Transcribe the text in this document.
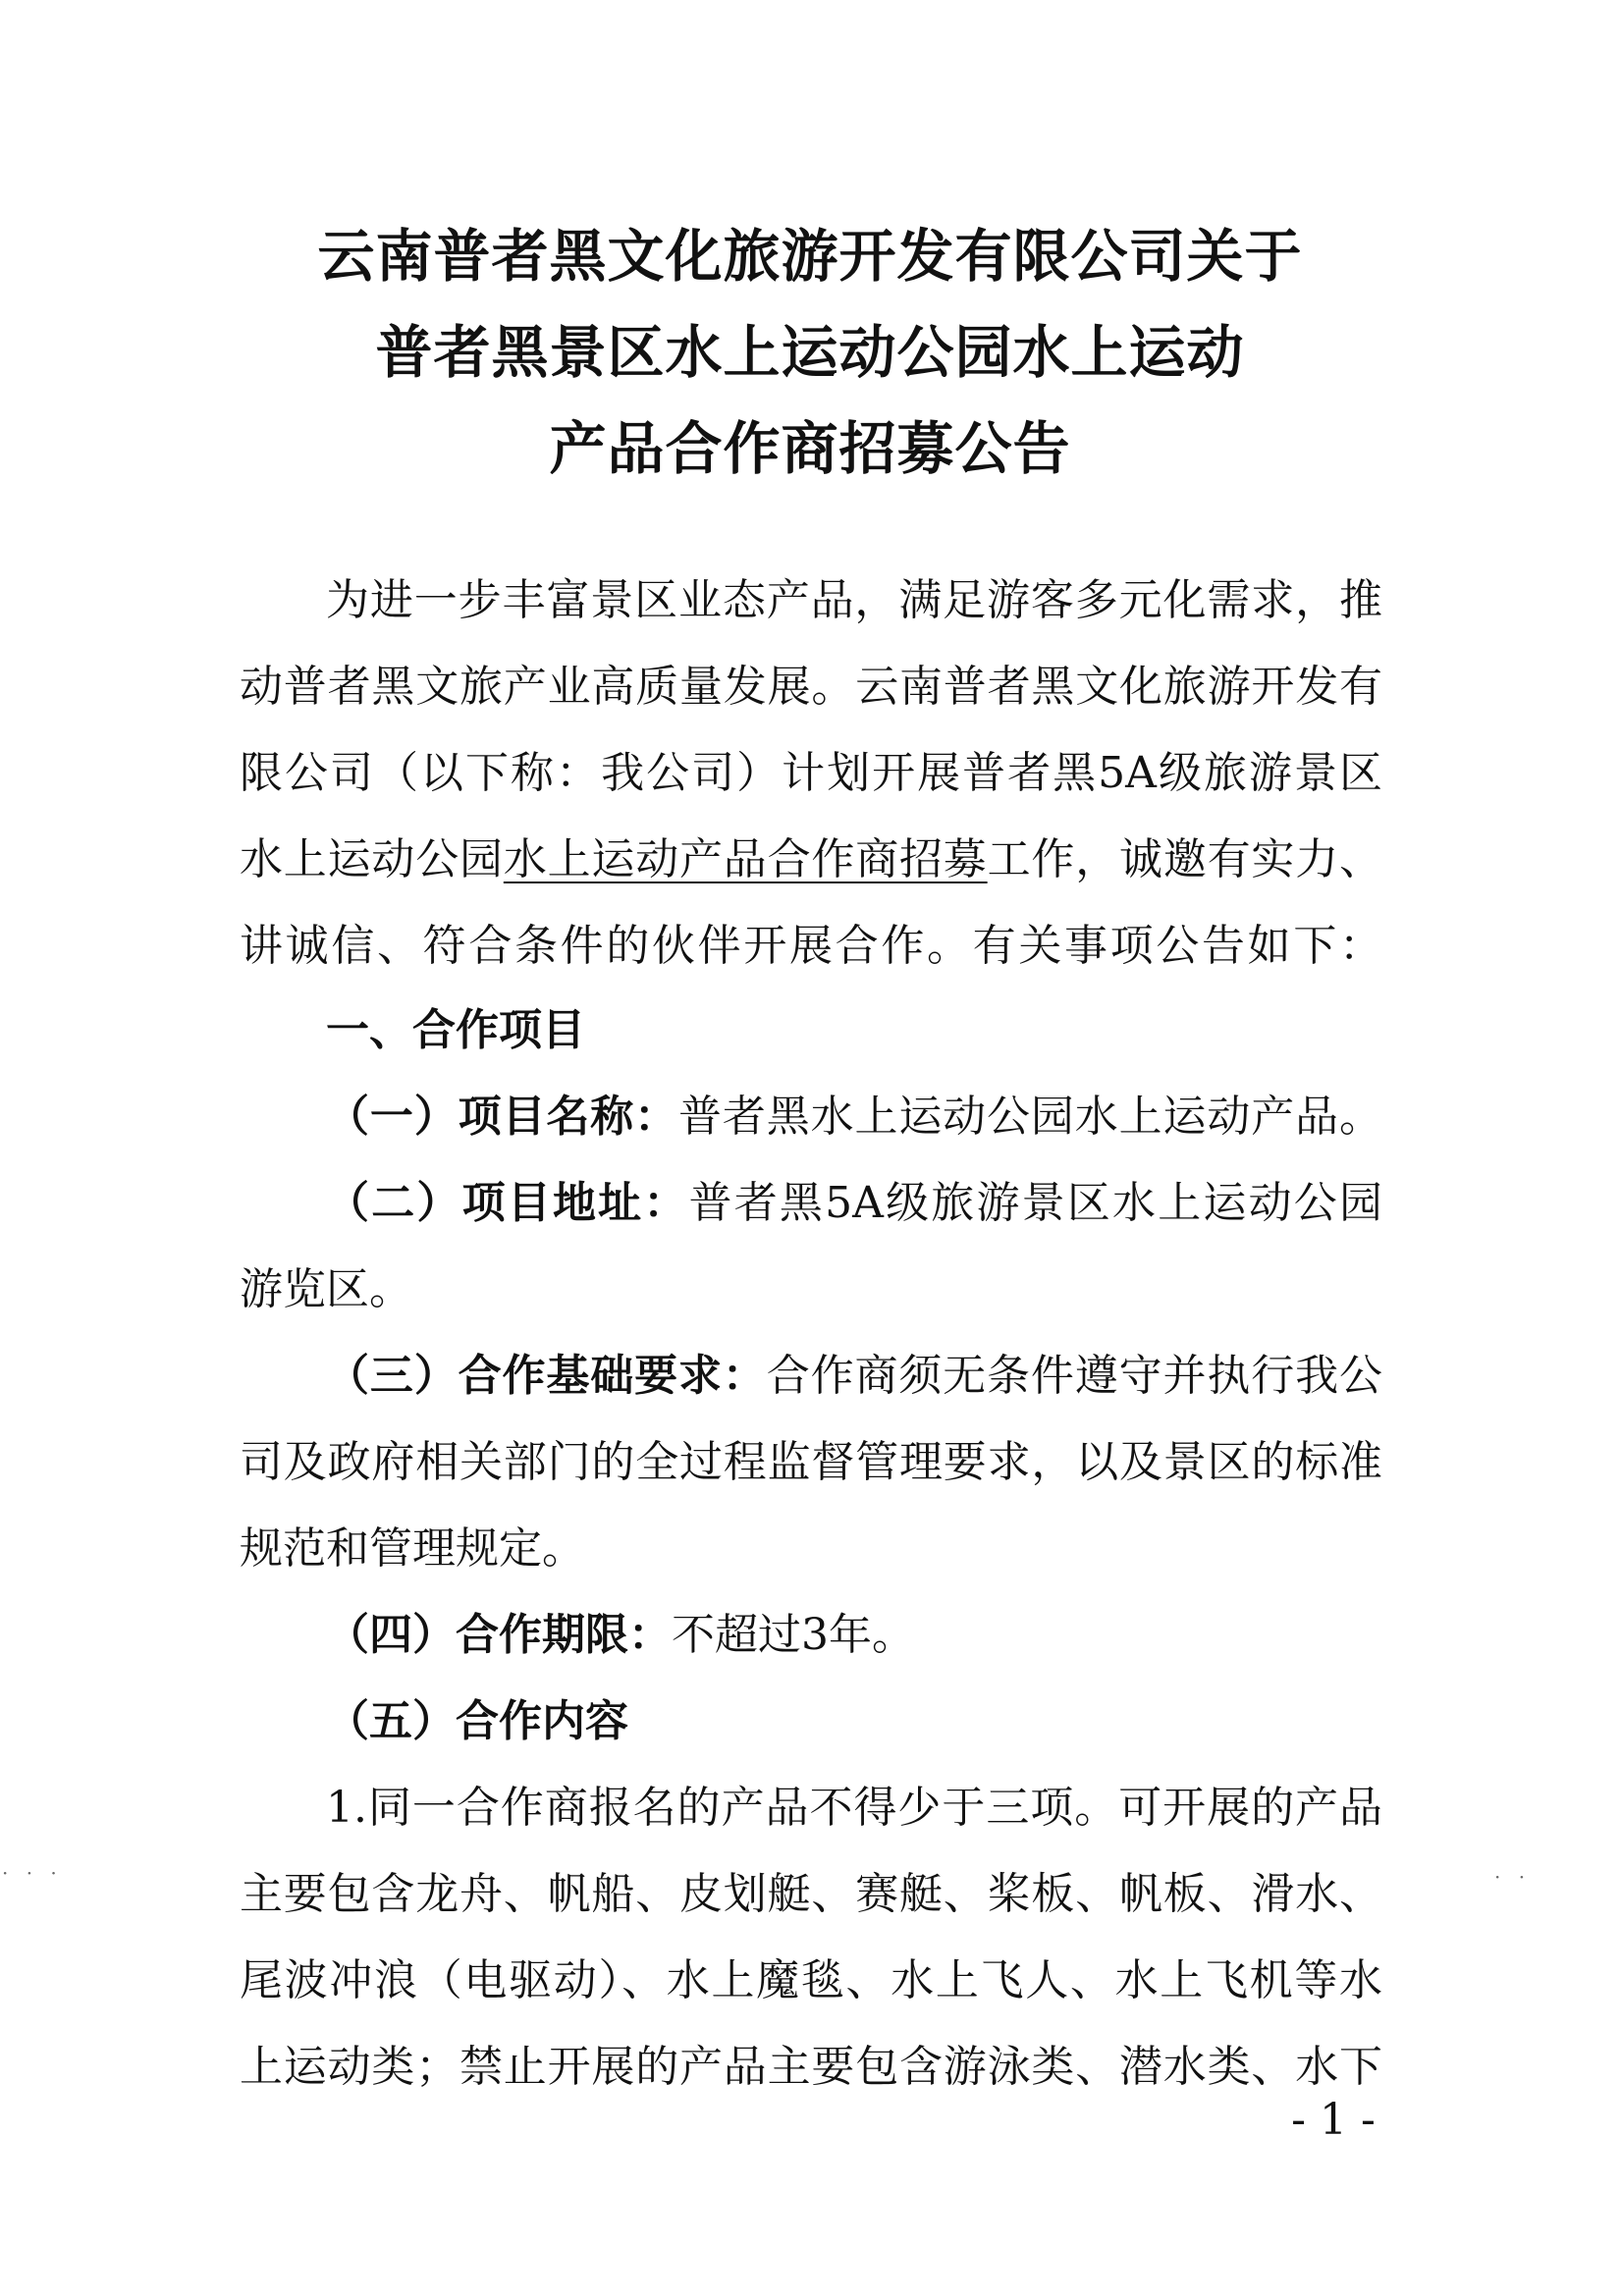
云南普者黑文化旅游开发有限公司关于
普者黑景区水上运动公园水上运动
产品合作商招募公告
为进一步丰富景区业态产品，满足游客多元化需求，推
动普者黑文旅产业高质量发展。云南普者黑文化旅游开发有
限公司（以下称：我公司）计划开展普者黑5A级旅游景区
水上运动公园水上运动产品合作商招募工作，诚邀有实力、
讲诚信、符合条件的伙伴开展合作。有关事项公告如下：
一、合作项目
（一）项目名称：普者黑水上运动公园水上运动产品。
（二）项目地址：普者黑5A级旅游景区水上运动公园
游览区。
（三）合作基础要求：合作商须无条件遵守并执行我公
司及政府相关部门的全过程监督管理要求，以及景区的标准
规范和管理规定。
（四）合作期限：不超过3年。
（五）合作内容
1.同一合作商报名的产品不得少于三项。可开展的产品
主要包含龙舟、帆船、皮划艇、赛艇、桨板、帆板、滑水、
尾波冲浪（电驱动）、水上魔毯、水上飞人、水上飞机等水
上运动类；禁止开展的产品主要包含游泳类、潜水类、水下
- 1 -
· · ·	· ·
